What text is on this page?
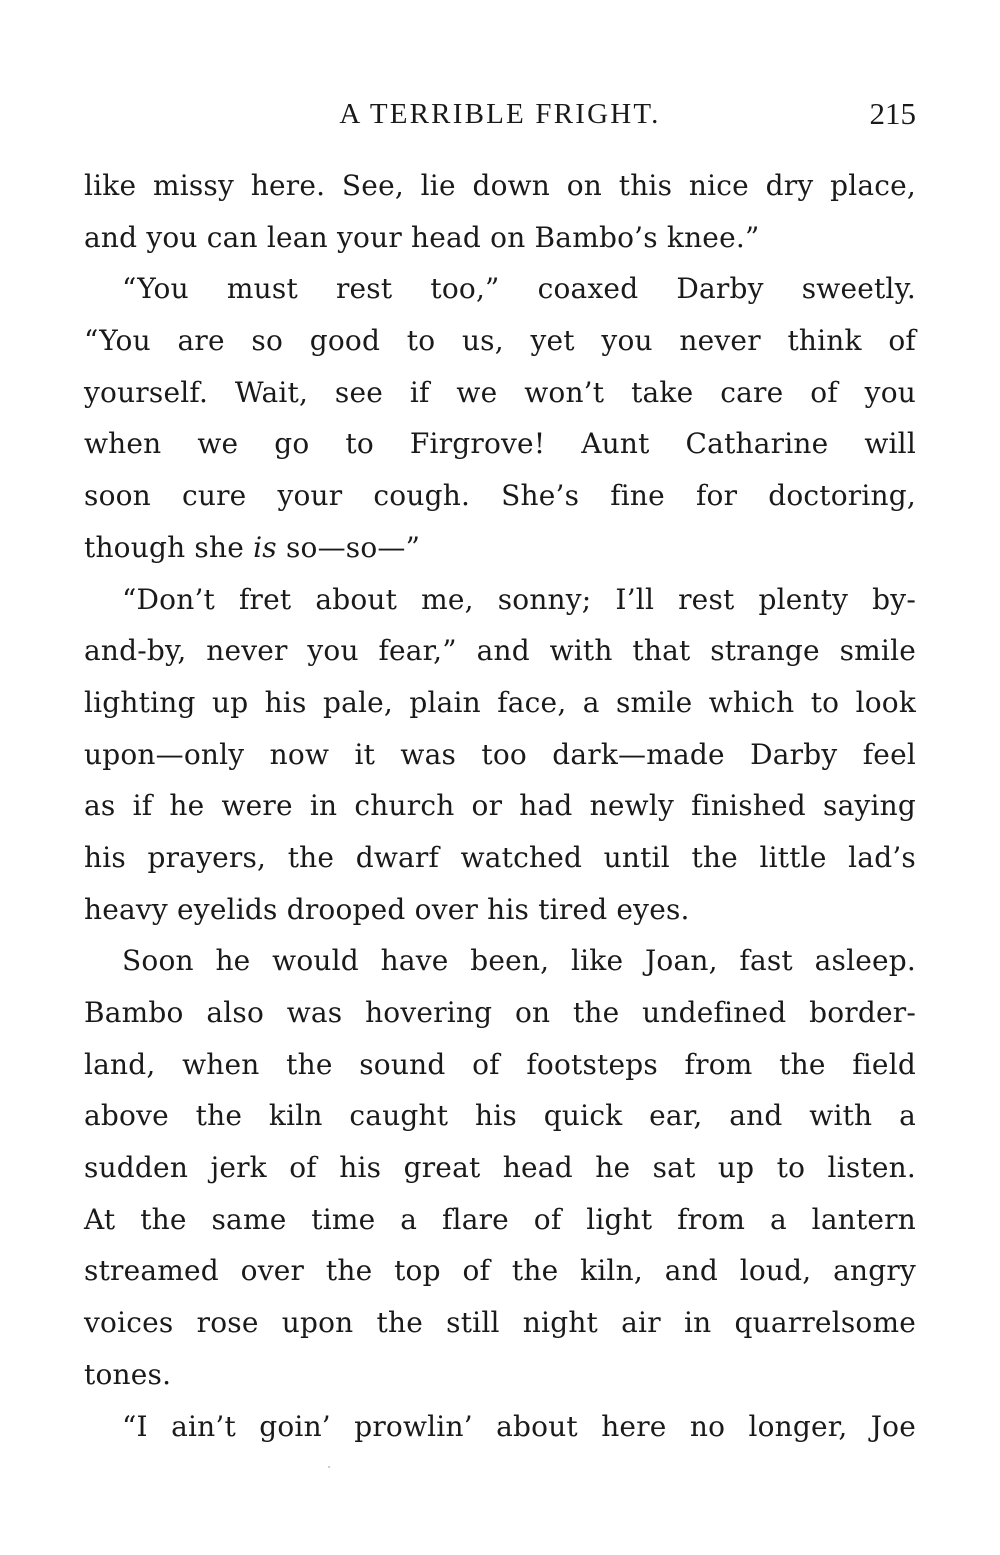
A TERRIBLE FRIGHT.	215
like missy here. See, lie down on this nice dry place,
and you can lean your head on Bambo’s knee.”
“You must rest too,” coaxed Darby sweetly.
“You are so good to us, yet you never think of
yourself. Wait, see if we won’t take care of you
when we go to Firgrove! Aunt Catharine will
soon cure your cough. She’s fine for doctoring,
though she is so—so—”
“Don’t fret about me, sonny; I’ll rest plenty by-
and-by, never you fear,” and with that strange smile
lighting up his pale, plain face, a smile which to look
upon—only now it was too dark—made Darby feel
as if he were in church or had newly finished saying
his prayers, the dwarf watched until the little lad’s
heavy eyelids drooped over his tired eyes.
Soon he would have been, like Joan, fast asleep.
Bambo also was hovering on the undefined border-
land, when the sound of footsteps from the field
above the kiln caught his quick ear, and with a
sudden jerk of his great head he sat up to listen.
At the same time a flare of light from a lantern
streamed over the top of the kiln, and loud, angry
voices rose upon the still night air in quarrelsome
tones.
“I ain’t goin’ prowlin’ about here no longer, Joe
